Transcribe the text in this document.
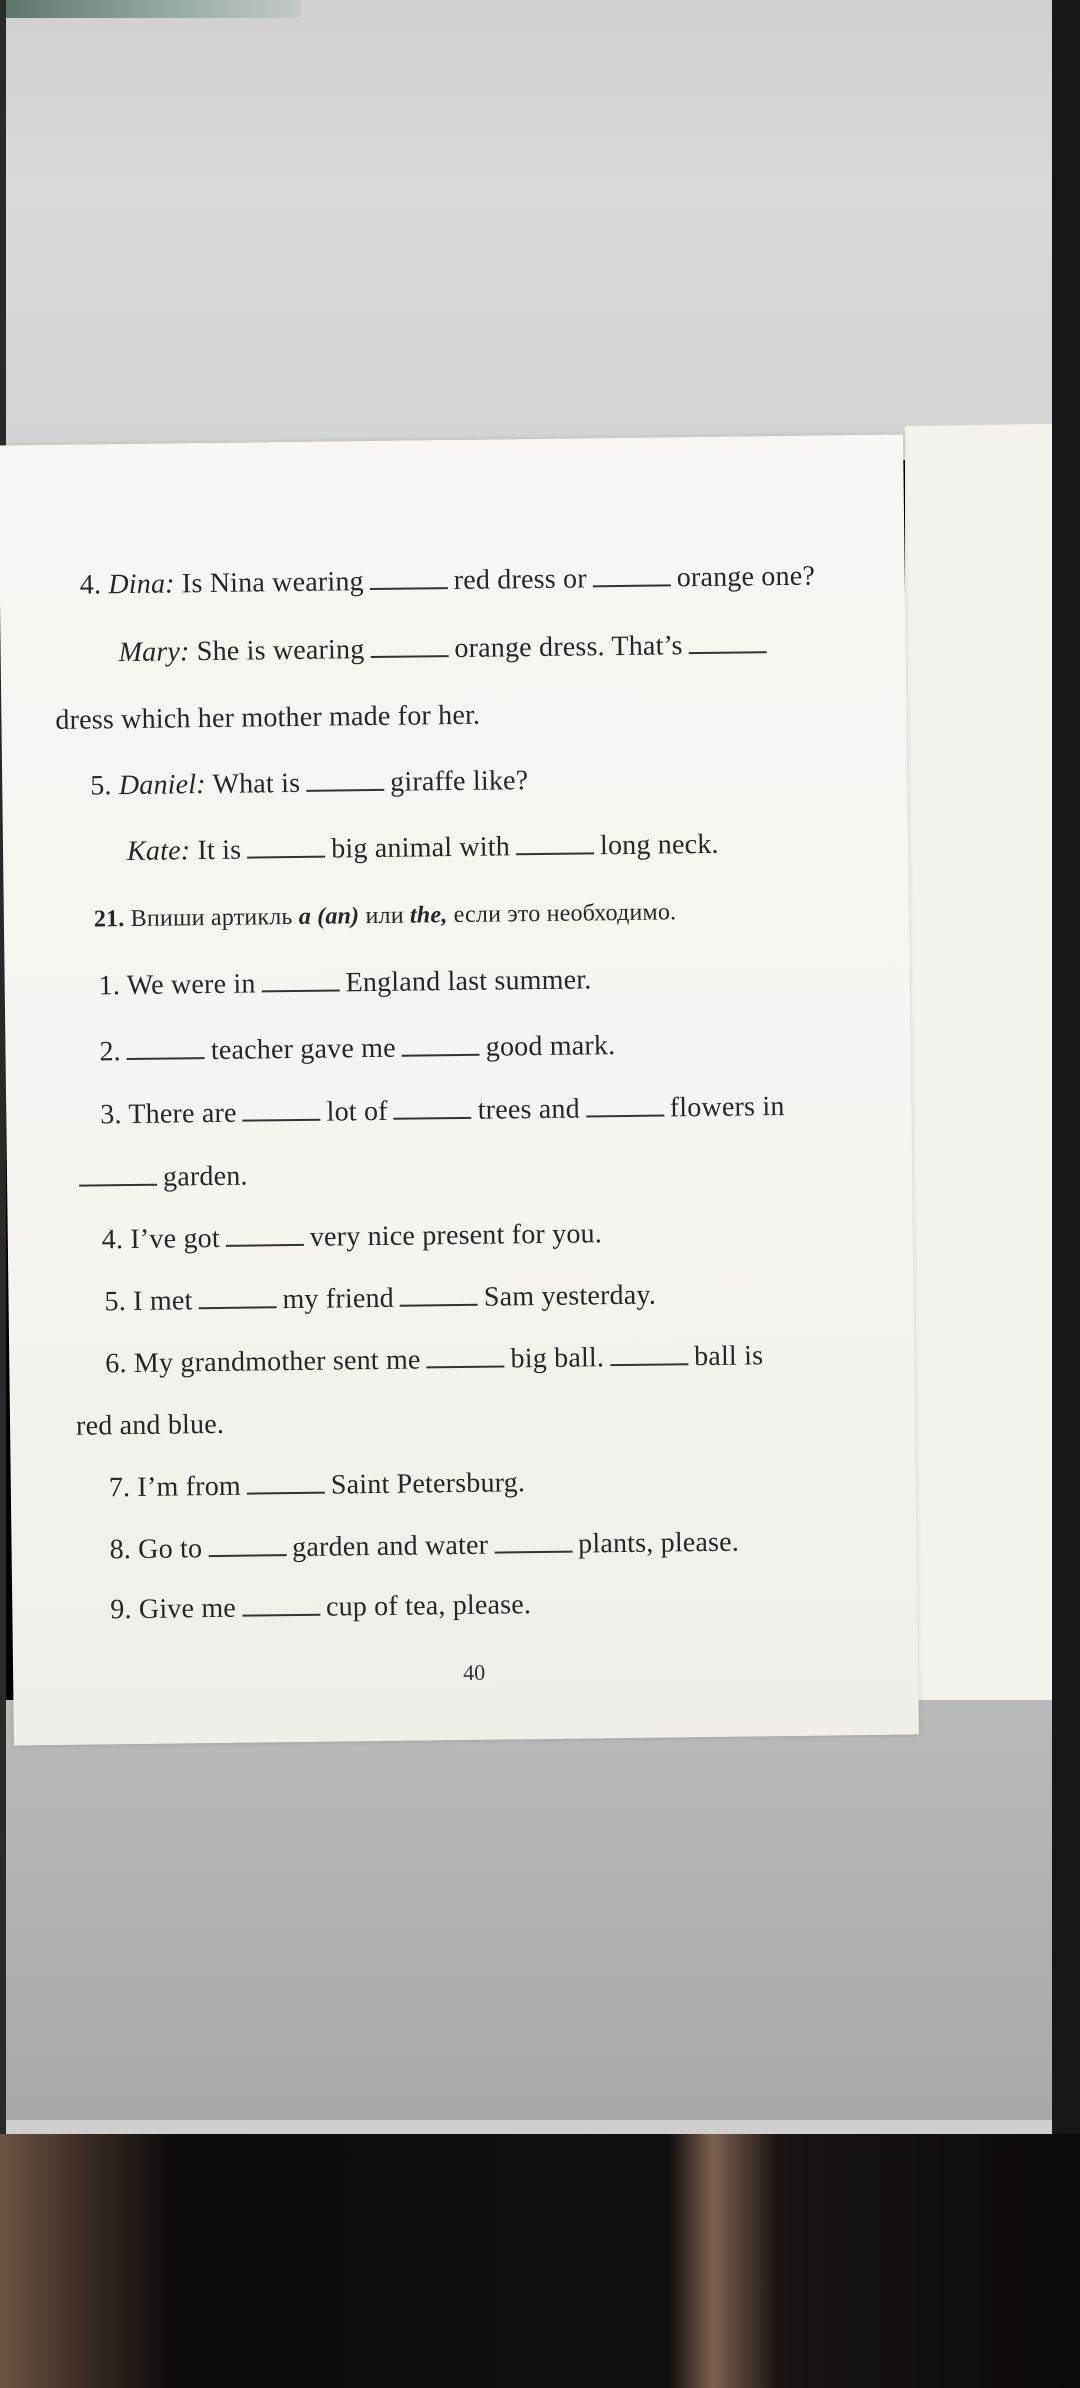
4. Dina: Is Nina wearing	red dress or	orange one?
Mary: She is wearing	orange dress. That’s
dress which her mother made for her.
5. Daniel: What is	giraffe like?
Kate: It is	big animal with	long neck.
21. Впиши артикль a (an) или the, если это необходимо.
1. We were in	England last summer.
2.	teacher gave me	good mark.
3. There are	lot of	trees and	flowers in
garden.
4. I’ve got	very nice present for you.
5. I met	my friend	Sam yesterday.
6. My grandmother sent me	big ball.	ball is
red and blue.
7. I’m from	Saint Petersburg.
8. Go to	garden and water	plants, please.
9. Give me	cup of tea, please.
40
